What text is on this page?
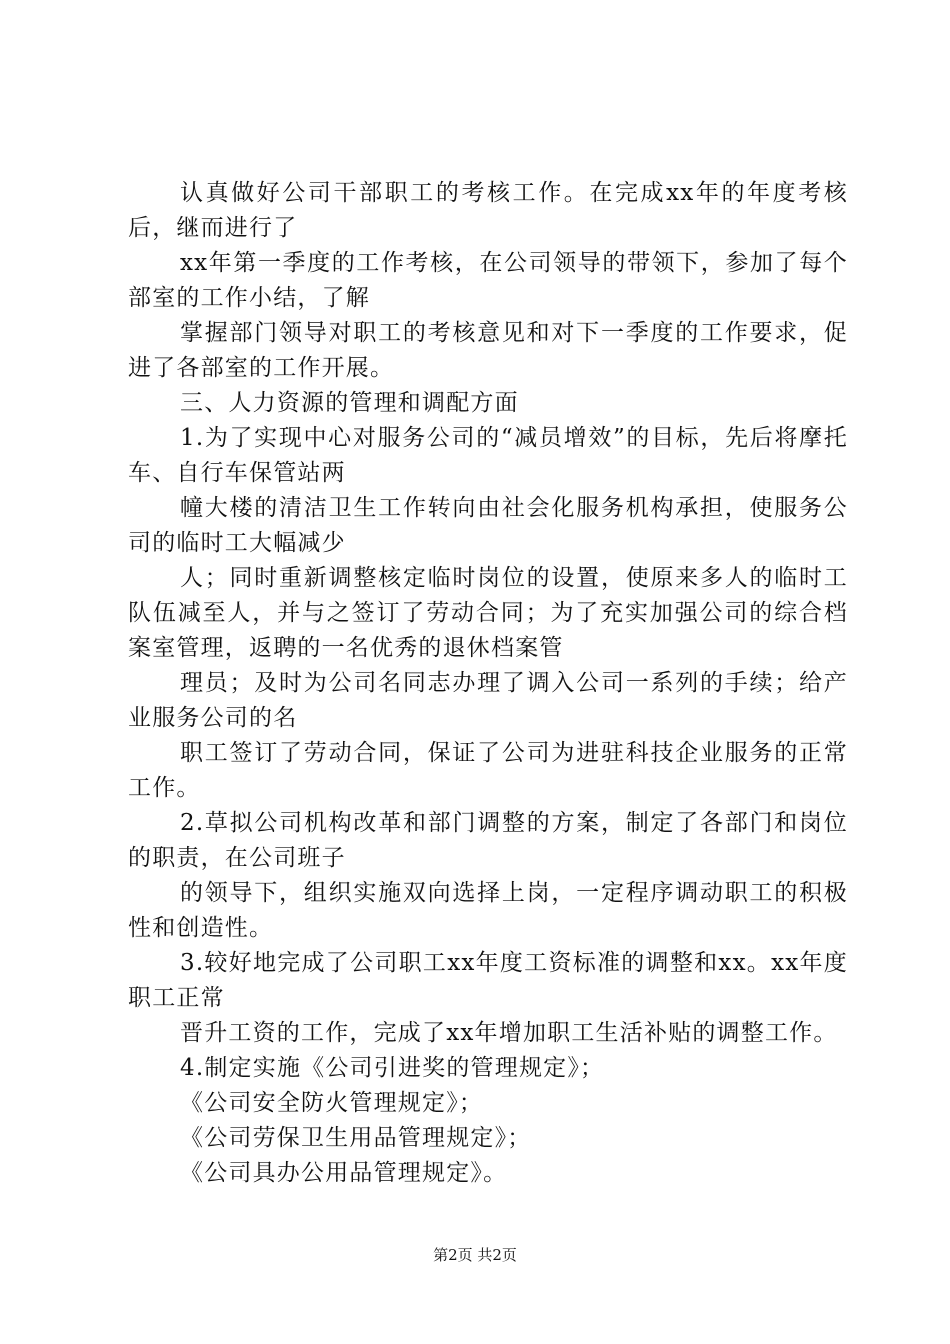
认真做好公司干部职工的考核工作。在完成xx年的年度考核后，继而进行了

xx年第一季度的工作考核，在公司领导的带领下，参加了每个部室的工作小结，了解

掌握部门领导对职工的考核意见和对下一季度的工作要求，促进了各部室的工作开展。

三、人力资源的管理和调配方面

1.为了实现中心对服务公司的“减员增效”的目标，先后将摩托车、自行车保管站两

幢大楼的清洁卫生工作转向由社会化服务机构承担，使服务公司的临时工大幅减少

人；同时重新调整核定临时岗位的设置，使原来多人的临时工队伍减至人，并与之签订了劳动合同；为了充实加强公司的综合档案室管理，返聘的一名优秀的退休档案管

理员；及时为公司名同志办理了调入公司一系列的手续；给产业服务公司的名

职工签订了劳动合同，保证了公司为进驻科技企业服务的正常工作。

2.草拟公司机构改革和部门调整的方案，制定了各部门和岗位的职责，在公司班子

的领导下，组织实施双向选择上岗，一定程序调动职工的积极性和创造性。

3.较好地完成了公司职工xx年度工资标准的调整和xx。xx年度职工正常

晋升工资的工作，完成了xx年增加职工生活补贴的调整工作。

4.制定实施《公司引进奖的管理规定》；

《公司安全防火管理规定》；

《公司劳保卫生用品管理规定》；

《公司具办公用品管理规定》。

第2页 共2页
